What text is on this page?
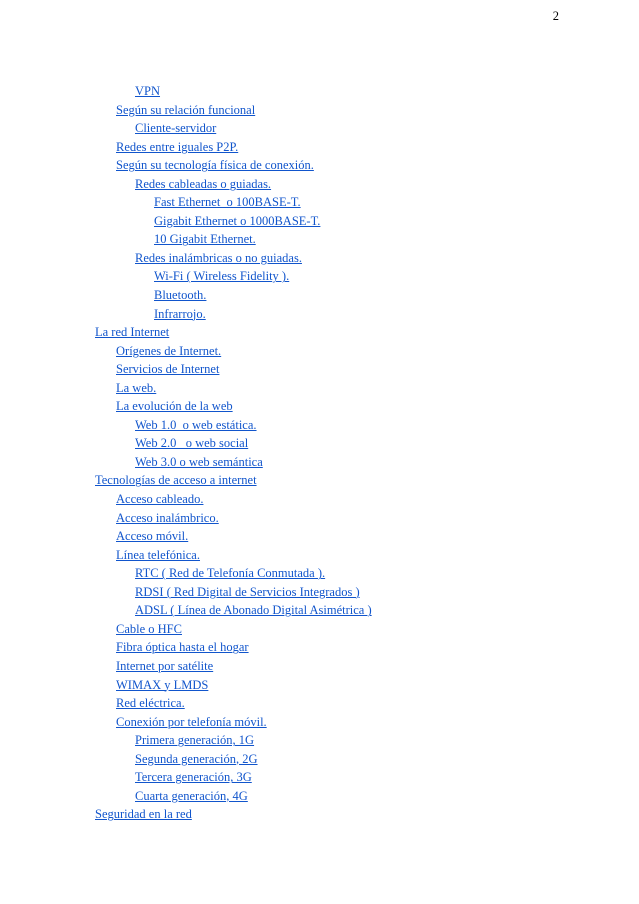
2
VPN
Según su relación funcional
Cliente-servidor
Redes entre iguales P2P.
Según su tecnología física de conexión.
Redes cableadas o guiadas.
Fast Ethernet  o 100BASE-T.
Gigabit Ethernet o 1000BASE-T.
10 Gigabit Ethernet.
Redes inalámbricas o no guiadas.
Wi-Fi ( Wireless Fidelity ).
Bluetooth.
Infrarrojo.
La red Internet
Orígenes de Internet.
Servicios de Internet
La web.
La evolución de la web
Web 1.0  o web estática.
Web 2.0   o web social
Web 3.0 o web semántica
Tecnologías de acceso a internet
Acceso cableado.
Acceso inalámbrico.
Acceso móvil.
Línea telefónica.
RTC ( Red de Telefonía Conmutada ).
RDSI ( Red Digital de Servicios Integrados )
ADSL ( Línea de Abonado Digital Asimétrica )
Cable o HFC
Fibra óptica hasta el hogar
Internet por satélite
WIMAX y LMDS
Red eléctrica.
Conexión por telefonía móvil.
Primera generación, 1G
Segunda generación, 2G
Tercera generación, 3G
Cuarta generación, 4G
Seguridad en la red
